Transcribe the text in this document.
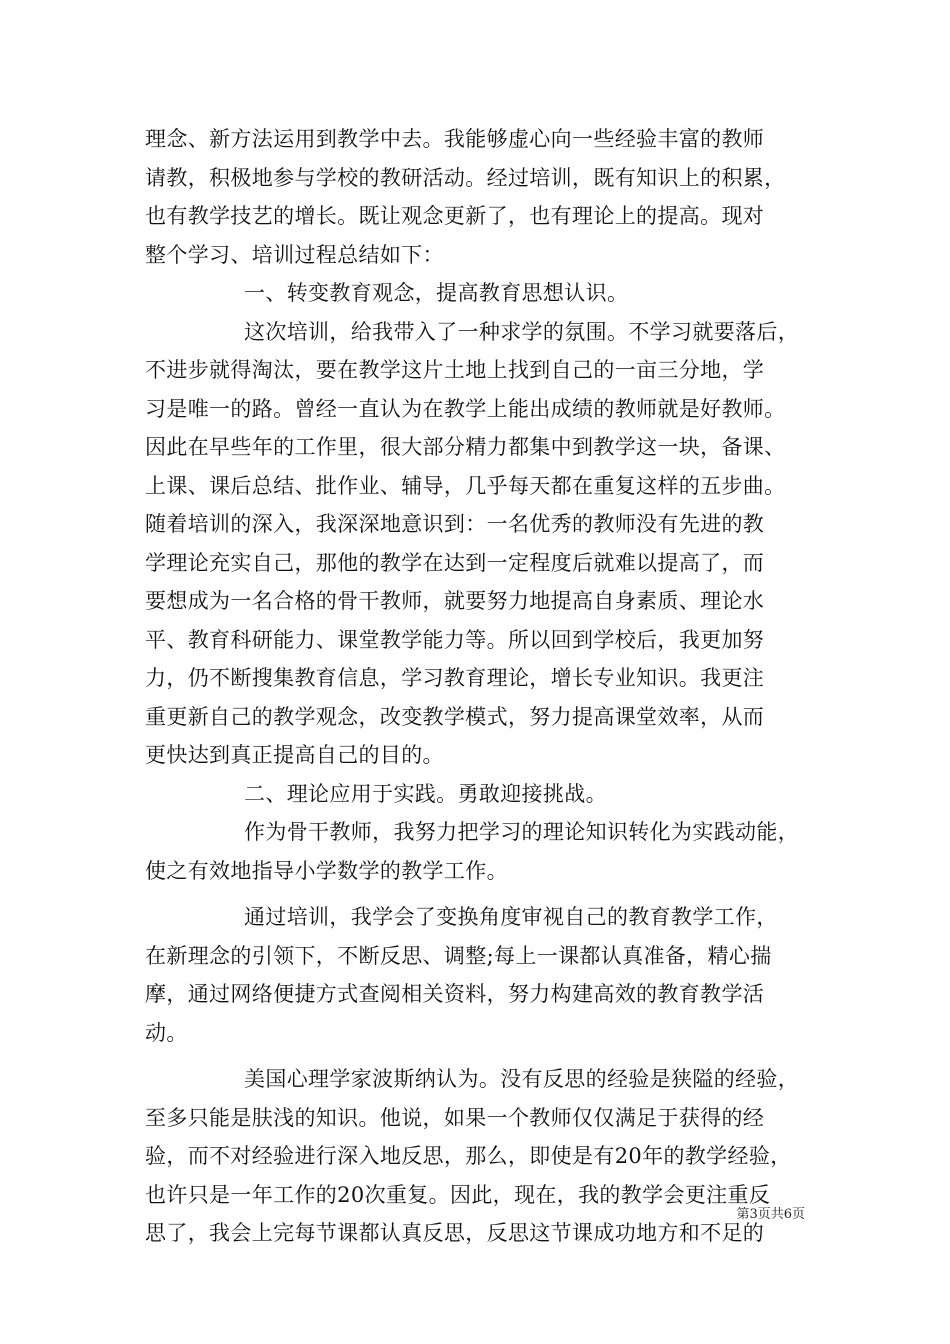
理念、新方法运用到教学中去。我能够虚心向一些经验丰富的教师
请教，积极地参与学校的教研活动。经过培训，既有知识上的积累，
也有教学技艺的增长。既让观念更新了，也有理论上的提高。现对
整个学习、培训过程总结如下：
一、转变教育观念，提高教育思想认识。
这次培训，给我带入了一种求学的氛围。不学习就要落后，
不进步就得淘汰，要在教学这片土地上找到自己的一亩三分地，学
习是唯一的路。曾经一直认为在教学上能出成绩的教师就是好教师。
因此在早些年的工作里，很大部分精力都集中到教学这一块，备课、
上课、课后总结、批作业、辅导，几乎每天都在重复这样的五步曲。
随着培训的深入，我深深地意识到：一名优秀的教师没有先进的教
学理论充实自己，那他的教学在达到一定程度后就难以提高了，而
要想成为一名合格的骨干教师，就要努力地提高自身素质、理论水
平、教育科研能力、课堂教学能力等。所以回到学校后，我更加努
力，仍不断搜集教育信息，学习教育理论，增长专业知识。我更注
重更新自己的教学观念，改变教学模式，努力提高课堂效率，从而
更快达到真正提高自己的目的。
二、理论应用于实践。勇敢迎接挑战。
作为骨干教师，我努力把学习的理论知识转化为实践动能，
使之有效地指导小学数学的教学工作。
通过培训，我学会了变换角度审视自己的教育教学工作，
在新理念的引领下，不断反思、调整;每上一课都认真准备，精心揣
摩，通过网络便捷方式查阅相关资料，努力构建高效的教育教学活
动。
美国心理学家波斯纳认为。没有反思的经验是狭隘的经验，
至多只能是肤浅的知识。他说，如果一个教师仅仅满足于获得的经
验，而不对经验进行深入地反思，那么，即使是有20年的教学经验，
也许只是一年工作的20次重复。因此，现在，我的教学会更注重反
思了，我会上完每节课都认真反思，反思这节课成功地方和不足的
第3页共6页
